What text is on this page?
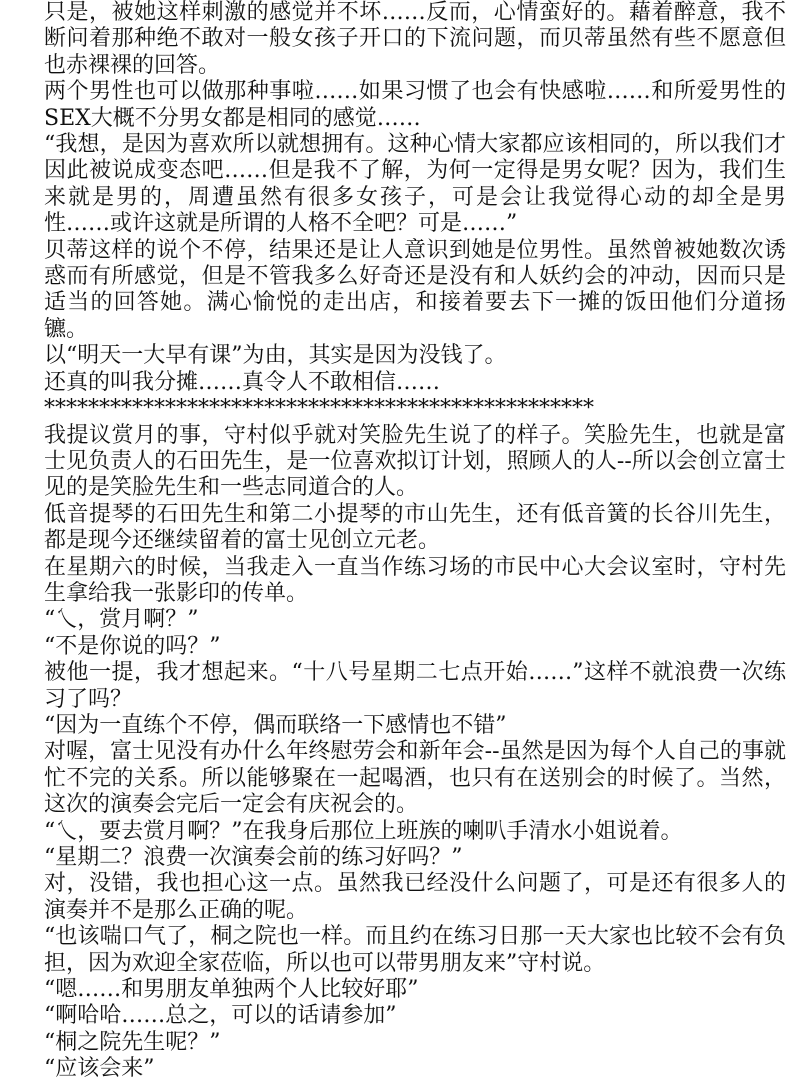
只是，被她这样刺激的感觉并不坏……反而，心情蛮好的。藉着醉意，我不断问着那种绝不敢对一般女孩子开口的下流问题，而贝蒂虽然有些不愿意但也赤裸裸的回答。

两个男性也可以做那种事啦……如果习惯了也会有快感啦……和所爱男性的SEX大概不分男女都是相同的感觉……

“我想，是因为喜欢所以就想拥有。这种心情大家都应该相同的，所以我们才因此被说成变态吧……但是我不了解，为何一定得是男女呢？因为，我们生来就是男的，周遭虽然有很多女孩子，可是会让我觉得心动的却全是男性……或许这就是所谓的人格不全吧？可是……”

贝蒂这样的说个不停，结果还是让人意识到她是位男性。虽然曾被她数次诱惑而有所感觉，但是不管我多么好奇还是没有和人妖约会的冲动，因而只是适当的回答她。满心愉悦的走出店，和接着要去下一摊的饭田他们分道扬镳。

以“明天一大早有课”为由，其实是因为没钱了。

还真的叫我分摊……真令人不敢相信……

**************************************************

我提议赏月的事，守村似乎就对笑脸先生说了的样子。笑脸先生，也就是富士见负责人的石田先生，是一位喜欢拟订计划，照顾人的人--所以会创立富士见的是笑脸先生和一些志同道合的人。

低音提琴的石田先生和第二小提琴的市山先生，还有低音簧的长谷川先生，都是现今还继续留着的富士见创立元老。

在星期六的时候，当我走入一直当作练习场的市民中心大会议室时，守村先生拿给我一张影印的传单。

“乀，赏月啊？”

“不是你说的吗？”

被他一提，我才想起来。“十八号星期二七点开始……”这样不就浪费一次练习了吗？

“因为一直练个不停，偶而联络一下感情也不错”

对喔，富士见没有办什么年终慰劳会和新年会--虽然是因为每个人自己的事就忙不完的关系。所以能够聚在一起喝酒，也只有在送别会的时候了。当然，这次的演奏会完后一定会有庆祝会的。

“乀，要去赏月啊？”在我身后那位上班族的喇叭手清水小姐说着。

“星期二？浪费一次演奏会前的练习好吗？”

对，没错，我也担心这一点。虽然我已经没什么问题了，可是还有很多人的演奏并不是那么正确的呢。

“也该喘口气了，桐之院也一样。而且约在练习日那一天大家也比较不会有负担，因为欢迎全家莅临，所以也可以带男朋友来”守村说。

“嗯……和男朋友单独两个人比较好耶”

“啊哈哈……总之，可以的话请参加”

“桐之院先生呢？”

“应该会来”
